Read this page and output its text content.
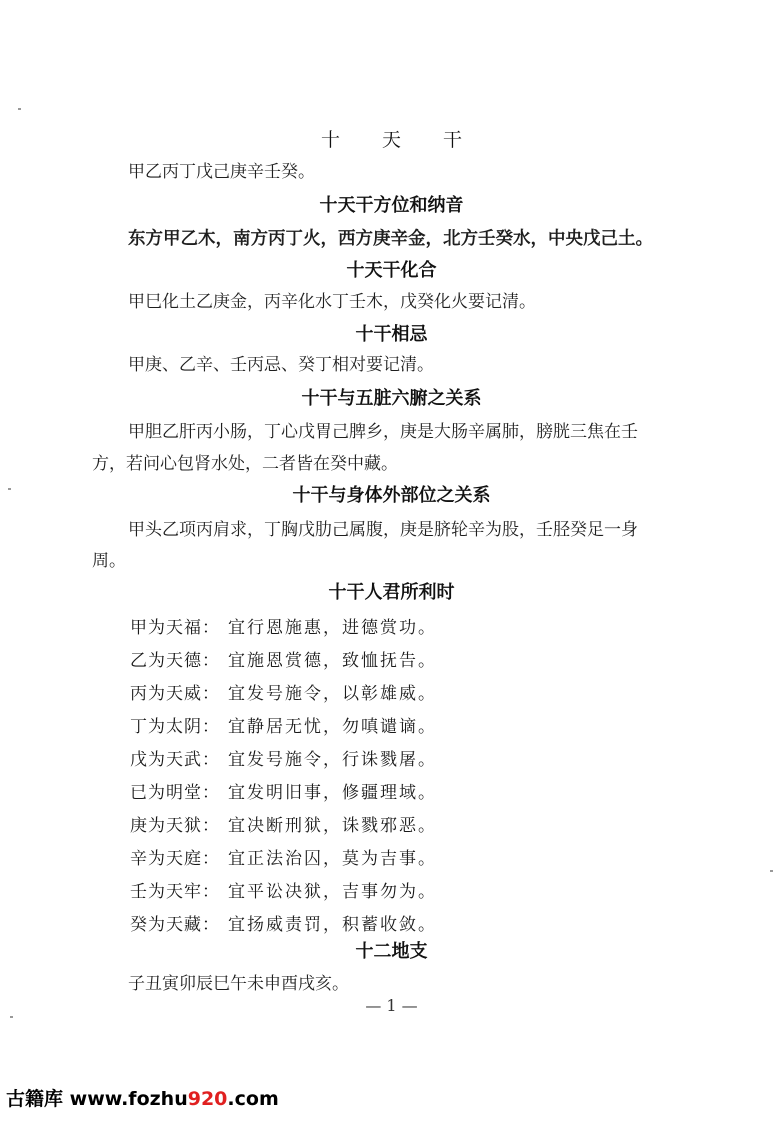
十 天 干
甲乙丙丁戊己庚辛壬癸。
十天干方位和纳音
东方甲乙木，南方丙丁火，西方庚辛金，北方壬癸水，中央戊己土。
十天干化合
甲巳化土乙庚金，丙辛化水丁壬木，戊癸化火要记清。
十干相忌
甲庚、乙辛、壬丙忌、癸丁相对要记清。
十干与五脏六腑之关系
甲胆乙肝丙小肠，丁心戊胃己脾乡，庚是大肠辛属肺，膀胱三焦在壬
方，若问心包肾水处，二者皆在癸中藏。
十干与身体外部位之关系
甲头乙项丙肩求，丁胸戊肋己属腹，庚是脐轮辛为股，壬胫癸足一身
周。
十干人君所利时
甲为天福： 宜行恩施惠，进德赏功。
乙为天德： 宜施恩赏德，致恤抚告。
丙为天威： 宜发号施令，以彰雄威。
丁为太阴： 宜静居无忧，勿嗔谴谪。
戊为天武： 宜发号施令，行诛戮屠。
已为明堂： 宜发明旧事，修疆理域。
庚为天狱： 宜决断刑狱，诛戮邪恶。
辛为天庭： 宜正法治囚，莫为吉事。
壬为天牢： 宜平讼决狱，吉事勿为。
癸为天藏： 宜扬威责罚，积蓄收敛。
十二地支
子丑寅卯辰巳午未申酉戌亥。
— 1 —
古籍库 www.fozhu920.com
